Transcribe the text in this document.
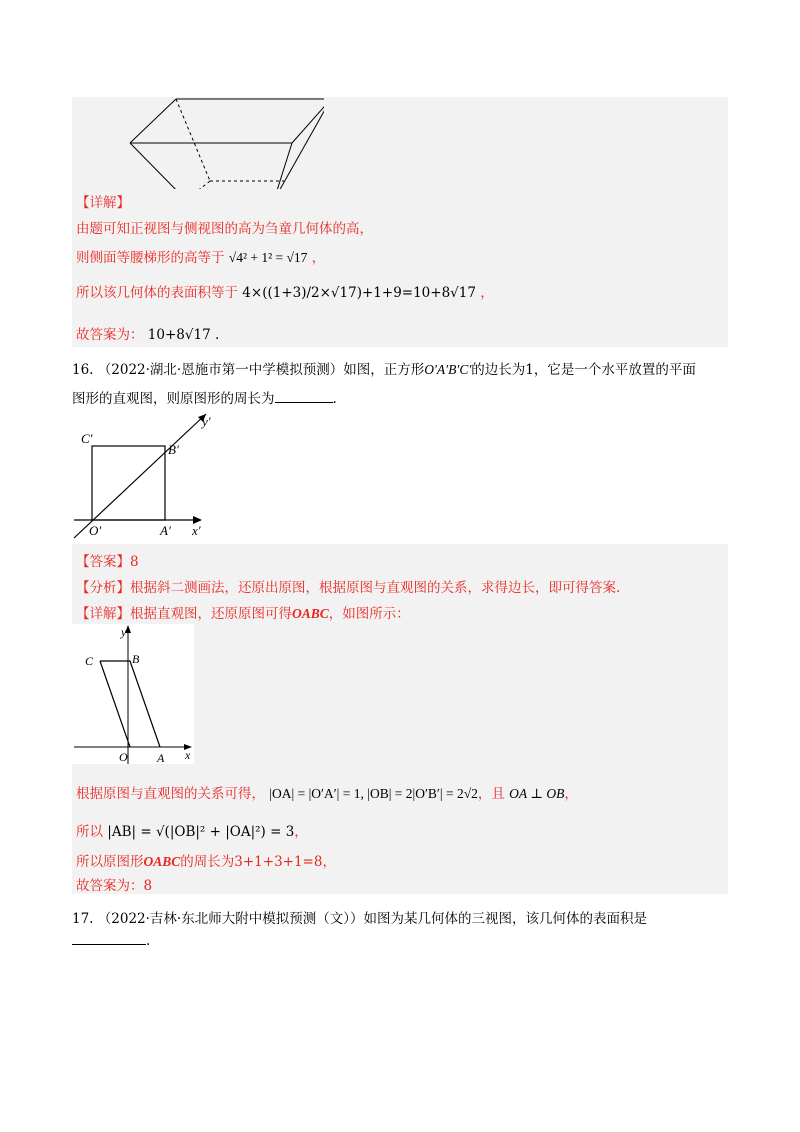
【详解】
由题可知正视图与侧视图的高为刍童几何体的高，
则侧面等腰梯形的高等于 √4² + 1² = √17 ，
所以该几何体的表面积等于 4×((1+3)/2×√17)+1+9=10+8√17 ，
故答案为： 10+8√17 .
16. （2022·湖北·恩施市第一中学模拟预测）如图，正方形O′A′B′C′的边长为1，它是一个水平放置的平面
图形的直观图，则原图形的周长为	.
C′
B′
O′	A′ x′
y′
【答案】8
【分析】根据斜二测画法，还原出原图，根据原图与直观图的关系，求得边长，即可得答案.
【详解】根据直观图，还原原图可得OABC，如图所示：
C	B
O A x
y
根据原图与直观图的关系可得， |OA| = |O′A′| = 1, |OB| = 2|O′B′| = 2√2，且 OA ⊥ OB，
所以 |AB| = √(|OB|² + |OA|²) = 3，
所以原图形OABC的周长为3+1+3+1=8，
故答案为：8
17. （2022·吉林·东北师大附中模拟预测（文））如图为某几何体的三视图，该几何体的表面积是
.
